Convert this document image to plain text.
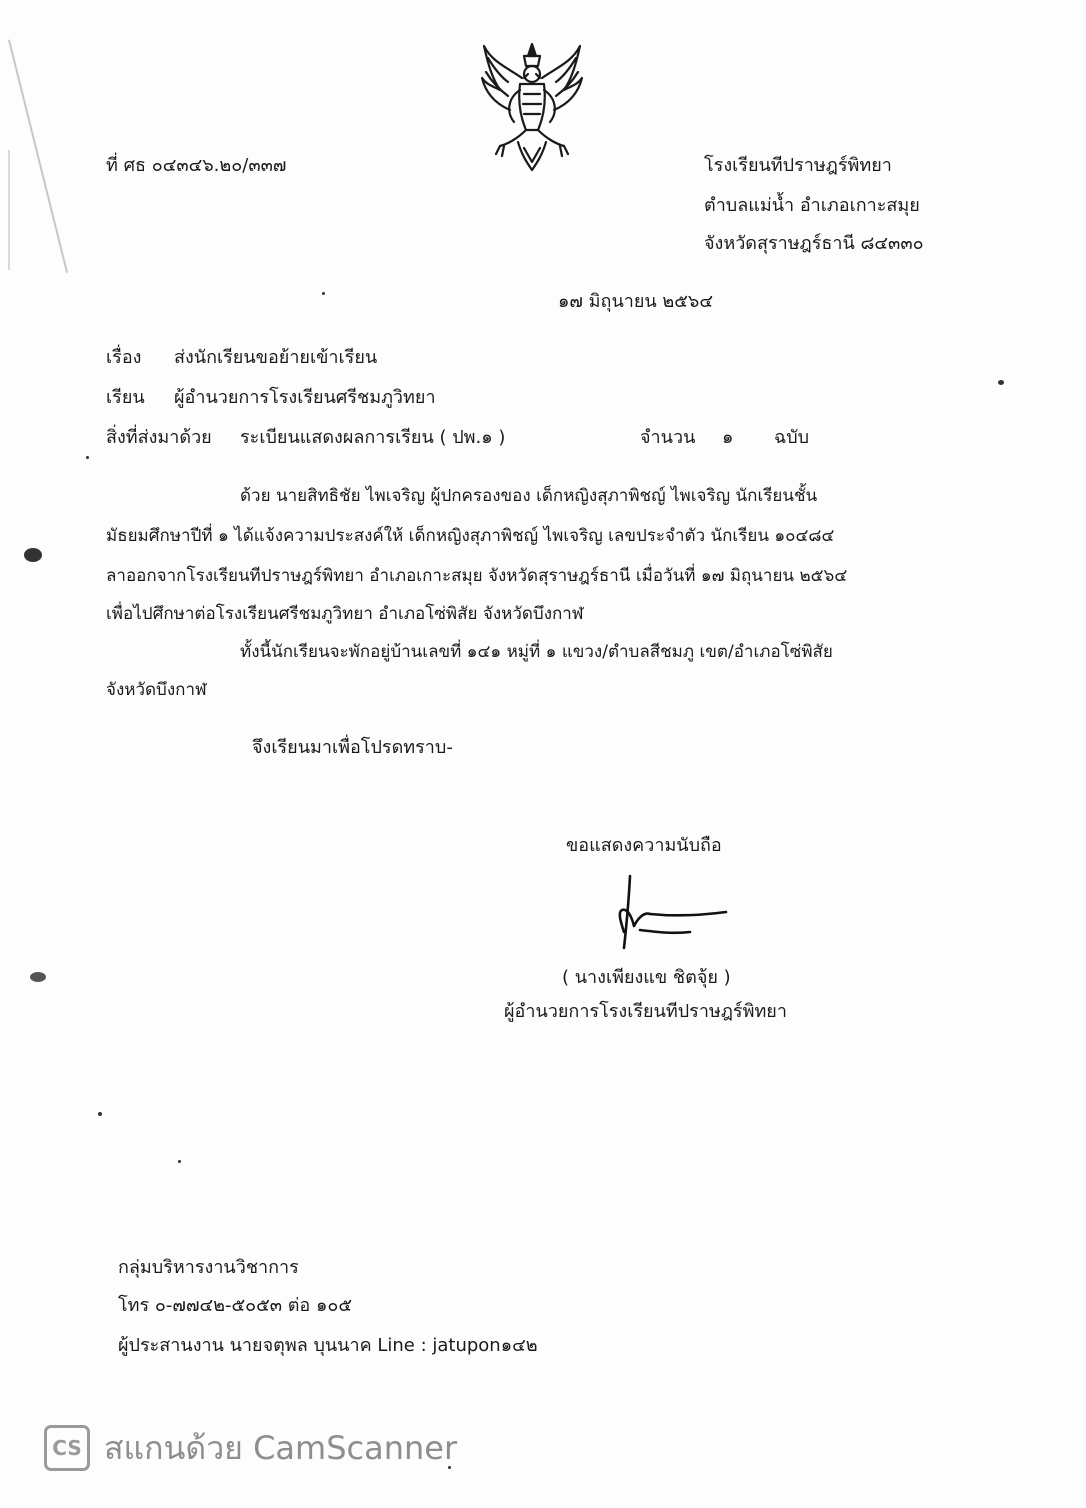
ที่ ศธ ๐๔๓๔๖.๒๐/๓๓๗	โรงเรียนทีปราษฎร์พิทยา
ตำบลแม่น้ำ อำเภอเกาะสมุย
จังหวัดสุราษฎร์ธานี ๘๔๓๓๐
๑๗ มิถุนายน ๒๕๖๔
เรื่อง ส่งนักเรียนขอย้ายเข้าเรียน
เรียน ผู้อำนวยการโรงเรียนศรีชมภูวิทยา
สิ่งที่ส่งมาด้วย ระเบียนแสดงผลการเรียน ( ปพ.๑ )	จำนวน ๑ ฉบับ
ด้วย นายสิทธิชัย ไพเจริญ ผู้ปกครองของ เด็กหญิงสุภาพิชญ์ ไพเจริญ นักเรียนชั้น
มัธยมศึกษาปีที่ ๑ ได้แจ้งความประสงค์ให้ เด็กหญิงสุภาพิชญ์ ไพเจริญ เลขประจำตัว นักเรียน ๑๐๔๘๔
ลาออกจากโรงเรียนทีปราษฎร์พิทยา อำเภอเกาะสมุย จังหวัดสุราษฎร์ธานี เมื่อวันที่ ๑๗ มิถุนายน ๒๕๖๔
เพื่อไปศึกษาต่อโรงเรียนศรีชมภูวิทยา อำเภอโซ่พิสัย จังหวัดบึงกาฬ
ทั้งนี้นักเรียนจะพักอยู่บ้านเลขที่ ๑๔๑ หมู่ที่ ๑ แขวง/ตำบลสีชมภู เขต/อำเภอโซ่พิสัย
จังหวัดบึงกาฬ
จึงเรียนมาเพื่อโปรดทราบ-
ขอแสดงความนับถือ
( นางเพียงแข ชิตจุ้ย )
ผู้อำนวยการโรงเรียนทีปราษฎร์พิทยา
กลุ่มบริหารงานวิชาการ
โทร ๐-๗๗๔๒-๕๐๕๓ ต่อ ๑๐๕
ผู้ประสานงาน นายจตุพล บุนนาค Line : jatupon๑๔๒
CS สแกนด้วย CamScanner
